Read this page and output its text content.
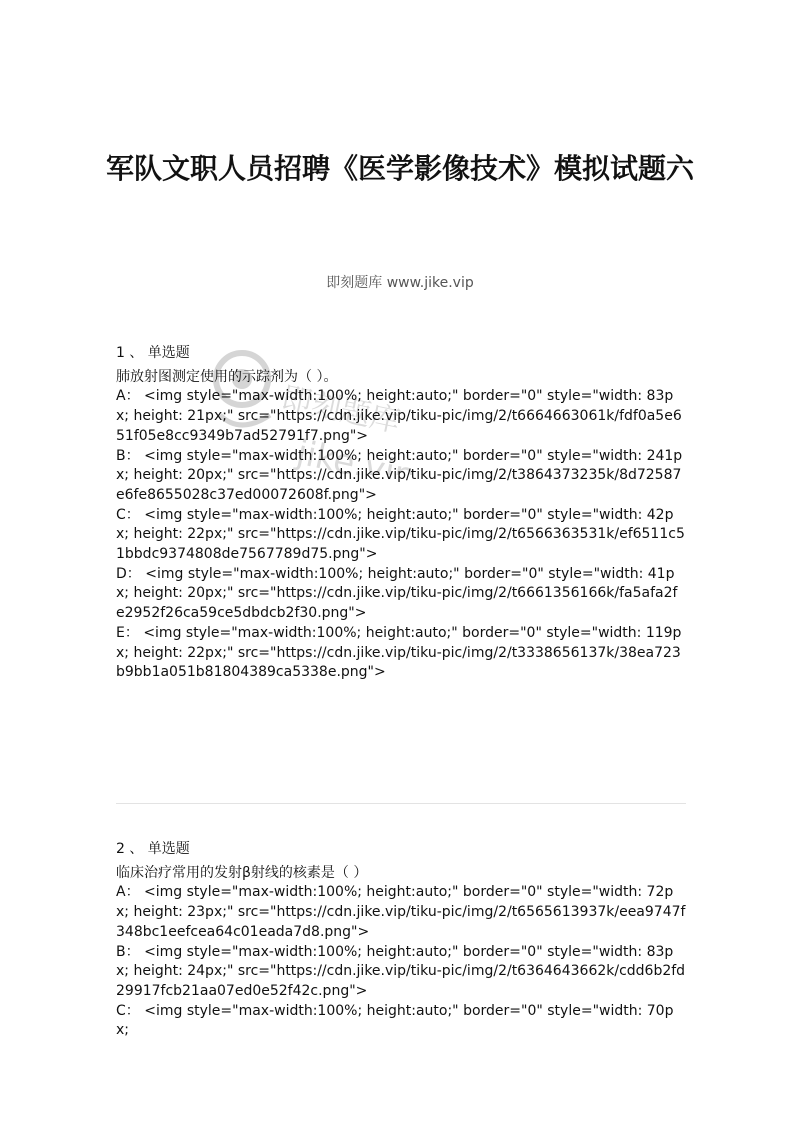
军队文职人员招聘《医学影像技术》模拟试题六
即刻题库 www.jike.vip
即刻题库
jike.vip
1 、 单选题
肺放射图测定使用的示踪剂为（ ）。
A： <img style="max-width:100%; height:auto;" border="0" style="width: 83px; height: 21px;" src="https://cdn.jike.vip/tiku-pic/img/2/t6664663061k/fdf0a5e651f05e8cc9349b7ad52791f7.png">
B： <img style="max-width:100%; height:auto;" border="0" style="width: 241px; height: 20px;" src="https://cdn.jike.vip/tiku-pic/img/2/t3864373235k/8d72587e6fe8655028c37ed00072608f.png">
C： <img style="max-width:100%; height:auto;" border="0" style="width: 42px; height: 22px;" src="https://cdn.jike.vip/tiku-pic/img/2/t6566363531k/ef6511c51bbdc9374808de7567789d75.png">
D： <img style="max-width:100%; height:auto;" border="0" style="width: 41px; height: 20px;" src="https://cdn.jike.vip/tiku-pic/img/2/t6661356166k/fa5afa2fe2952f26ca59ce5dbdcb2f30.png">
E： <img style="max-width:100%; height:auto;" border="0" style="width: 119px; height: 22px;" src="https://cdn.jike.vip/tiku-pic/img/2/t3338656137k/38ea723b9bb1a051b81804389ca5338e.png">
2 、 单选题
临床治疗常用的发射β射线的核素是（ ）
A： <img style="max-width:100%; height:auto;" border="0" style="width: 72px; height: 23px;" src="https://cdn.jike.vip/tiku-pic/img/2/t6565613937k/eea9747f348bc1eefcea64c01eada7d8.png">
B： <img style="max-width:100%; height:auto;" border="0" style="width: 83px; height: 24px;" src="https://cdn.jike.vip/tiku-pic/img/2/t6364643662k/cdd6b2fd29917fcb21aa07ed0e52f42c.png">
C： <img style="max-width:100%; height:auto;" border="0" style="width: 70px;
